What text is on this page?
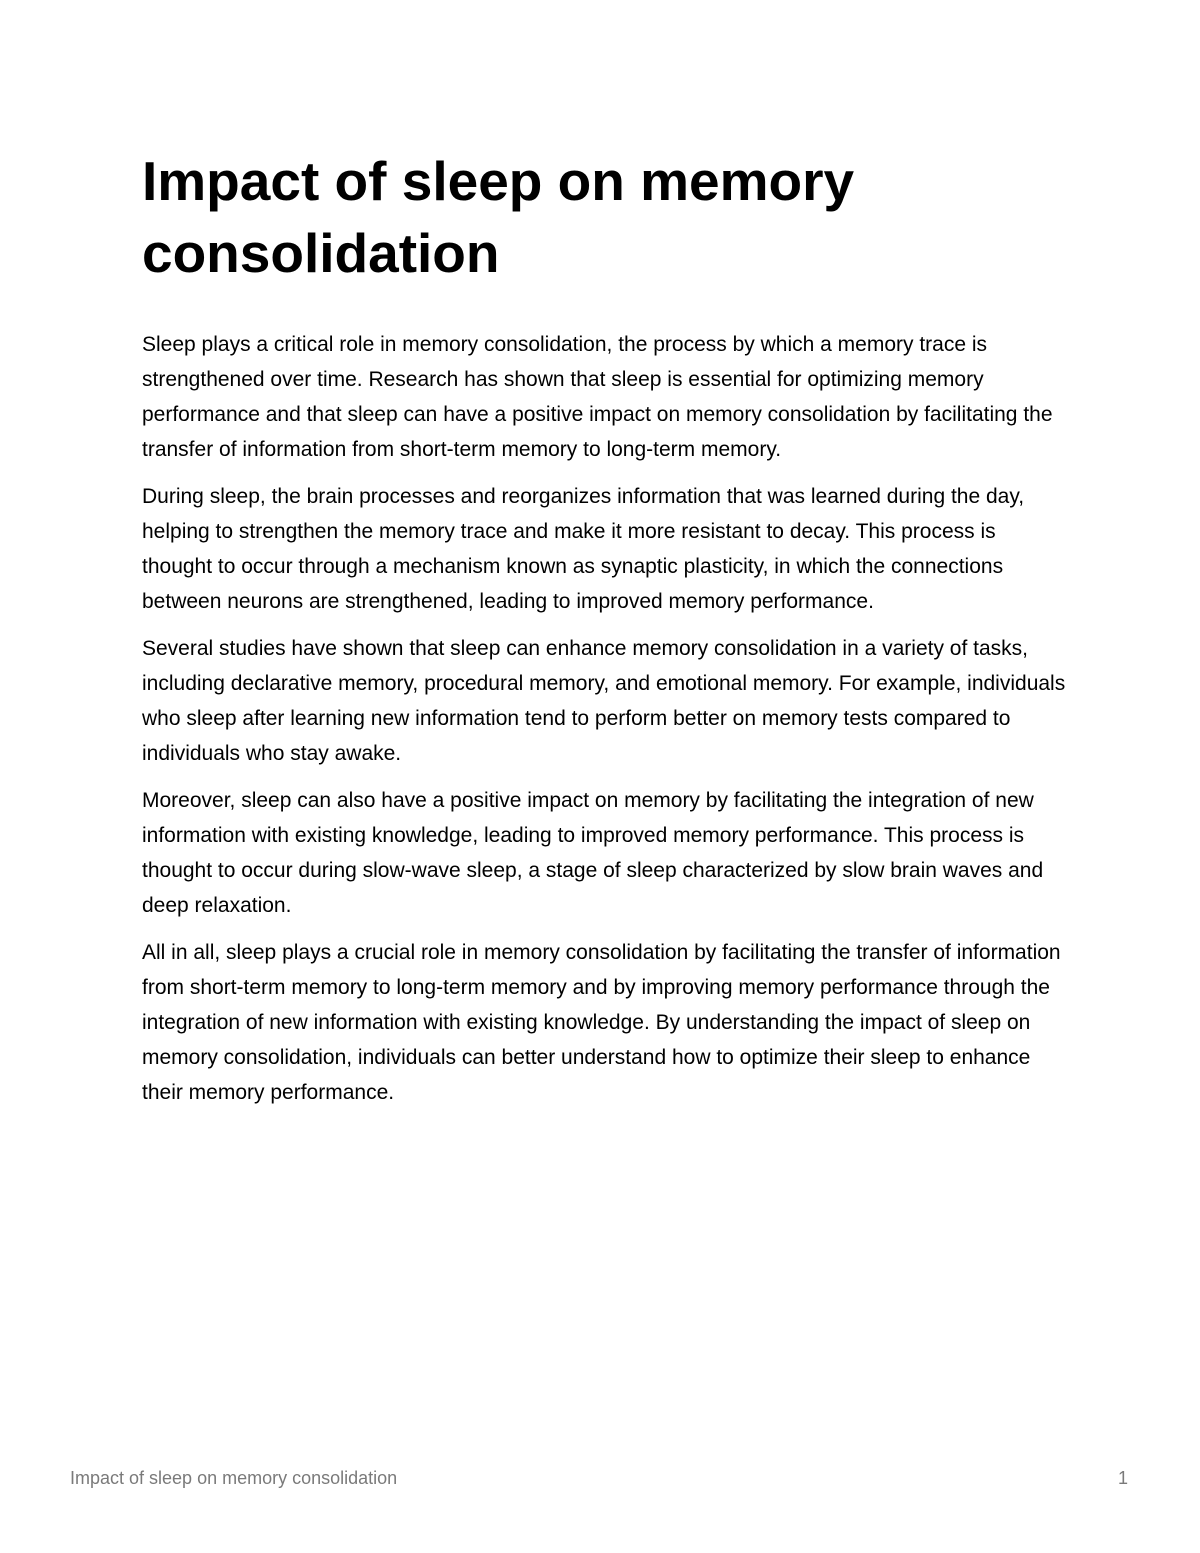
Impact of sleep on memory consolidation

Sleep plays a critical role in memory consolidation, the process by which a memory trace is strengthened over time. Research has shown that sleep is essential for optimizing memory performance and that sleep can have a positive impact on memory consolidation by facilitating the transfer of information from short-term memory to long-term memory.

During sleep, the brain processes and reorganizes information that was learned during the day, helping to strengthen the memory trace and make it more resistant to decay. This process is thought to occur through a mechanism known as synaptic plasticity, in which the connections between neurons are strengthened, leading to improved memory performance.

Several studies have shown that sleep can enhance memory consolidation in a variety of tasks, including declarative memory, procedural memory, and emotional memory. For example, individuals who sleep after learning new information tend to perform better on memory tests compared to individuals who stay awake.

Moreover, sleep can also have a positive impact on memory by facilitating the integration of new information with existing knowledge, leading to improved memory performance. This process is thought to occur during slow-wave sleep, a stage of sleep characterized by slow brain waves and deep relaxation.

All in all, sleep plays a crucial role in memory consolidation by facilitating the transfer of information from short-term memory to long-term memory and by improving memory performance through the integration of new information with existing knowledge. By understanding the impact of sleep on memory consolidation, individuals can better understand how to optimize their sleep to enhance their memory performance.

Impact of sleep on memory consolidation	1
